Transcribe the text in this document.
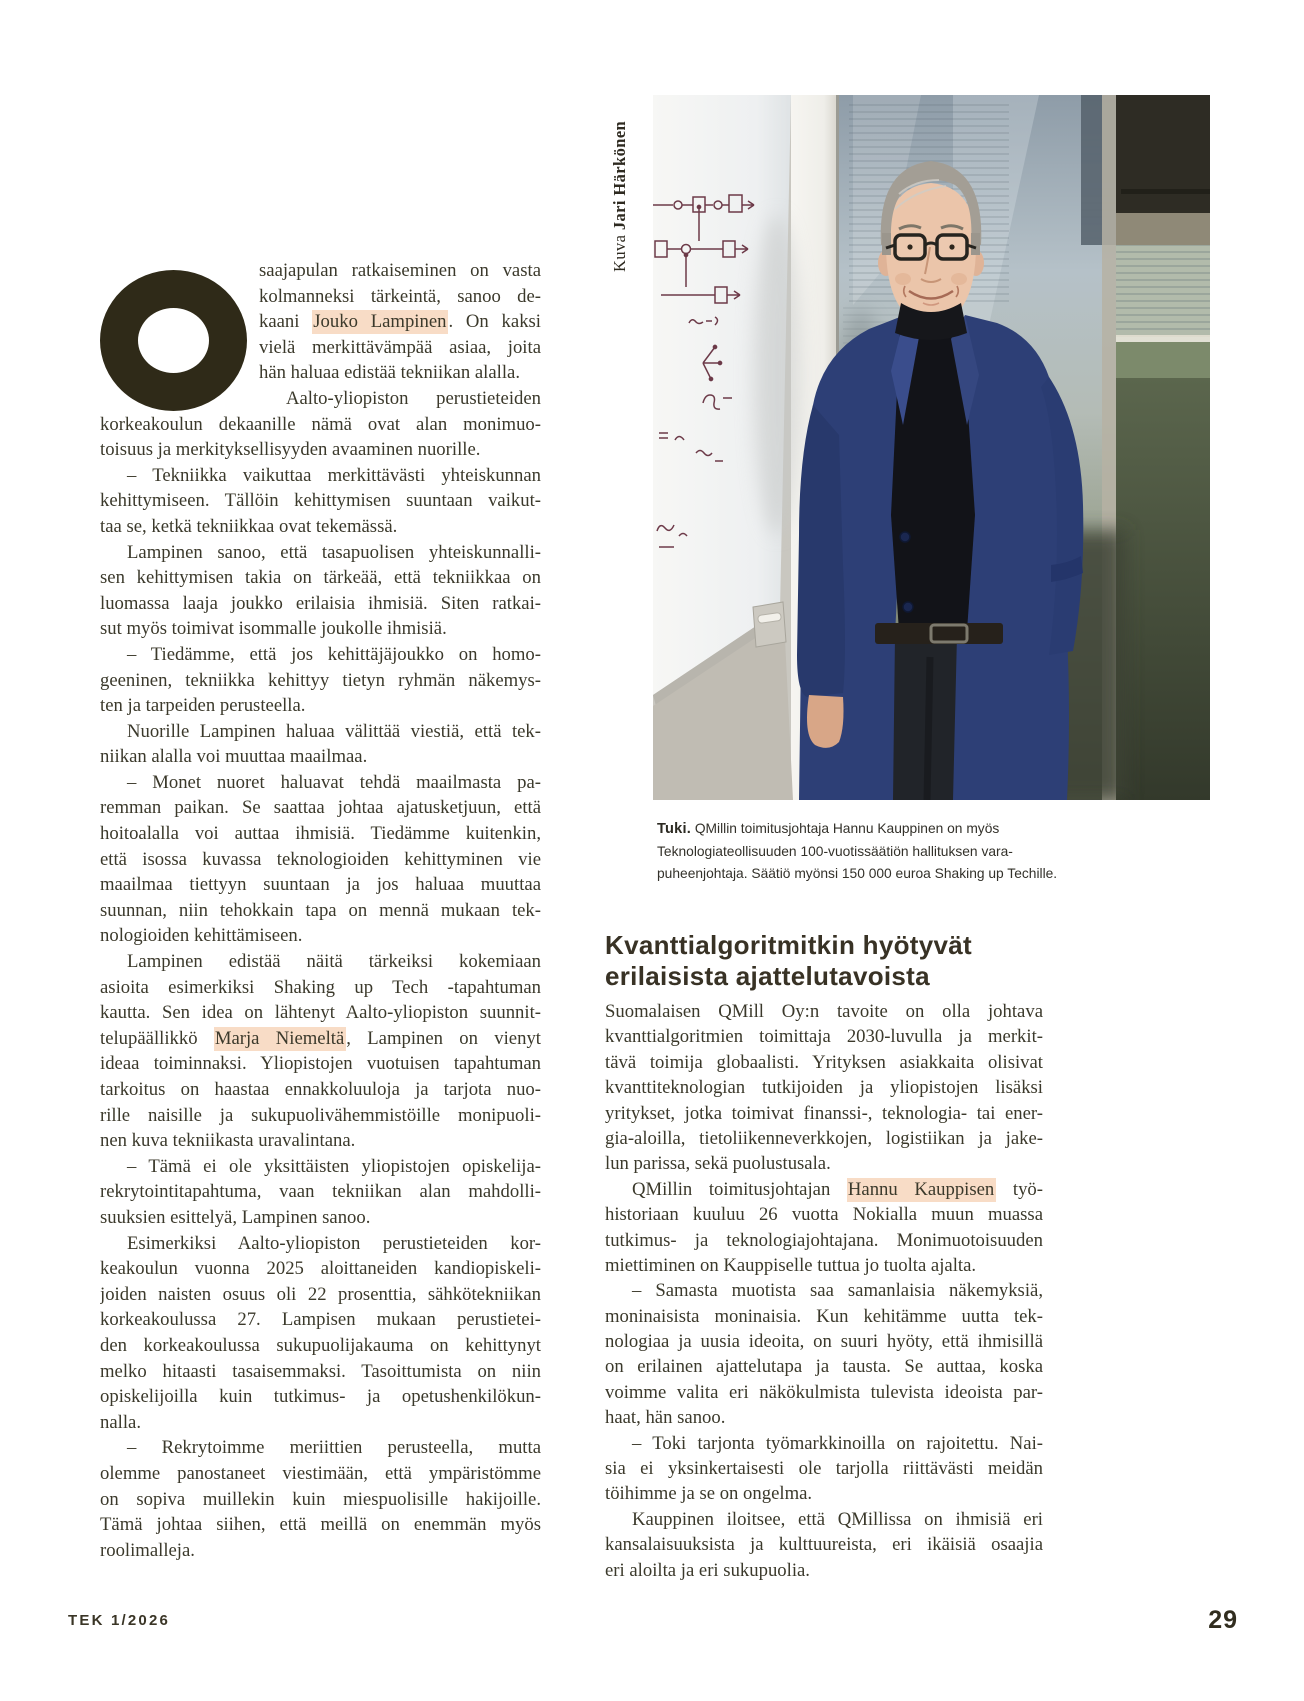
saajapulan ratkaiseminen on vasta
kolmanneksi tärkeintä, sanoo de-
kaani Jouko Lampinen . On kaksi
vielä merkittävämpää asiaa, joita
hän haluaa edistää tekniikan alalla.
Aalto-yliopiston perustieteiden
korkeakoulun dekaanille nämä ovat alan monimuo-
toisuus ja merkityksellisyyden avaaminen nuorille.
– Tekniikka vaikuttaa merkittävästi yhteiskunnan
kehittymiseen. Tällöin kehittymisen suuntaan vaikut-
taa se, ketkä tekniikkaa ovat tekemässä.
Lampinen sanoo, että tasapuolisen yhteiskunnalli-
sen kehittymisen takia on tärkeää, että tekniikkaa on
luomassa laaja joukko erilaisia ihmisiä. Siten ratkai-
sut myös toimivat isommalle joukolle ihmisiä.
– Tiedämme, että jos kehittäjäjoukko on homo-
geeninen, tekniikka kehittyy tietyn ryhmän näkemys-
ten ja tarpeiden perusteella.
Nuorille Lampinen haluaa välittää viestiä, että tek-
niikan alalla voi muuttaa maailmaa.
– Monet nuoret haluavat tehdä maailmasta pa-
remman paikan. Se saattaa johtaa ajatusketjuun, että
hoitoalalla voi auttaa ihmisiä. Tiedämme kuitenkin,
että isossa kuvassa teknologioiden kehittyminen vie
maailmaa tiettyyn suuntaan ja jos haluaa muuttaa
suunnan, niin tehokkain tapa on mennä mukaan tek-
nologioiden kehittämiseen.
Lampinen edistää näitä tärkeiksi kokemiaan
asioita esimerkiksi Shaking up Tech -tapahtuman
kautta. Sen idea on lähtenyt Aalto-yliopiston suunnit-
telupäällikkö Marja Niemeltä , Lampinen on vienyt
ideaa toiminnaksi. Yliopistojen vuotuisen tapahtuman
tarkoitus on haastaa ennakkoluuloja ja tarjota nuo-
rille naisille ja sukupuolivähemmistöille monipuoli-
nen kuva tekniikasta uravalintana.
– Tämä ei ole yksittäisten yliopistojen opiskelija-
rekrytointitapahtuma, vaan tekniikan alan mahdolli-
suuksien esittelyä, Lampinen sanoo.
Esimerkiksi Aalto-yliopiston perustieteiden kor-
keakoulun vuonna 2025 aloittaneiden kandiopiskeli-
joiden naisten osuus oli 22 prosenttia, sähkötekniikan
korkeakoulussa 27. Lampisen mukaan perustietei-
den korkeakoulussa sukupuolijakauma on kehittynyt
melko hitaasti tasaisemmaksi. Tasoittumista on niin
opiskelijoilla kuin tutkimus- ja opetushenkilökun-
nalla.
– Rekrytoimme meriittien perusteella, mutta
olemme panostaneet viestimään, että ympäristömme
on sopiva muillekin kuin miespuolisille hakijoille.
Tämä johtaa siihen, että meillä on enemmän myös
roolimalleja.
Kuva Jari Härkönen
Tuki. QMillin toimitusjohtaja Hannu Kauppinen on myös
Teknologiateollisuuden 100-vuotissäätiön hallituksen vara-
puheenjohtaja. Säätiö myönsi 150 000 euroa Shaking up Techille.
Kvanttialgoritmitkin hyötyvät
erilaisista ajattelutavoista
Suomalaisen QMill Oy:n tavoite on olla johtava
kvanttialgoritmien toimittaja 2030-luvulla ja merkit-
tävä toimija globaalisti. Yrityksen asiakkaita olisivat
kvanttiteknologian tutkijoiden ja yliopistojen lisäksi
yritykset, jotka toimivat finanssi-, teknologia- tai ener-
gia-aloilla, tietoliikenneverkkojen, logistiikan ja jake-
lun parissa, sekä puolustusala.
QMillin toimitusjohtajan Hannu Kauppisen työ-
historiaan kuuluu 26 vuotta Nokialla muun muassa
tutkimus- ja teknologiajohtajana. Monimuotoisuuden
miettiminen on Kauppiselle tuttua jo tuolta ajalta.
– Samasta muotista saa samanlaisia näkemyksiä,
moninaisista moninaisia. Kun kehitämme uutta tek-
nologiaa ja uusia ideoita, on suuri hyöty, että ihmisillä
on erilainen ajattelutapa ja tausta. Se auttaa, koska
voimme valita eri näkökulmista tulevista ideoista par-
haat, hän sanoo.
– Toki tarjonta työmarkkinoilla on rajoitettu. Nai-
sia ei yksinkertaisesti ole tarjolla riittävästi meidän
töihimme ja se on ongelma.
Kauppinen iloitsee, että QMillissa on ihmisiä eri
kansalaisuuksista ja kulttuureista, eri ikäisiä osaajia
eri aloilta ja eri sukupuolia.
TEK 1/2026	29
